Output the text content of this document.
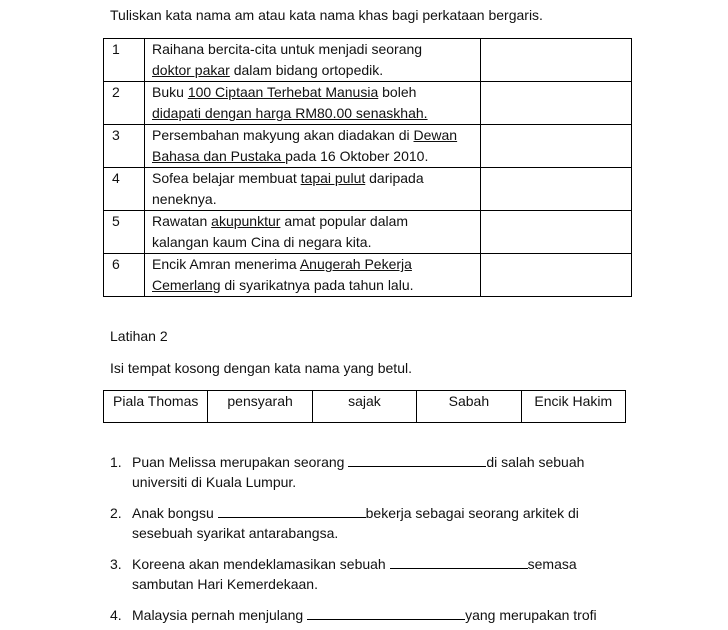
Tuliskan kata nama am atau kata nama khas bagi perkataan bergaris.
1	Raihana bercita-cita untuk menjadi seorang
doktor pakar dalam bidang ortopedik.	

2	Buku 100 Ciptaan Terhebat Manusia boleh
didapati dengan harga RM80.00 senaskhah.	

3	Persembahan makyung akan diadakan di Dewan
Bahasa dan Pustaka pada 16 Oktober 2010.	

4	Sofea belajar membuat tapai pulut daripada
neneknya.	

5	Rawatan akupunktur amat popular dalam
kalangan kaum Cina di negara kita.	

6	Encik Amran menerima Anugerah Pekerja
Cemerlang di syarikatnya pada tahun lalu.	

Latihan 2
Isi tempat kosong dengan kata nama yang betul.
Piala Thomas	pensyarah	sajak	Sabah	Encik Hakim
1. Puan Melissa merupakan seorang	di salah sebuah
universiti di Kuala Lumpur.
2. Anak bongsu	bekerja sebagai seorang arkitek di
sesebuah syarikat antarabangsa.
3. Koreena akan mendeklamasikan sebuah	semasa
sambutan Hari Kemerdekaan.
4. Malaysia pernah menjulang	yang merupakan trofi
